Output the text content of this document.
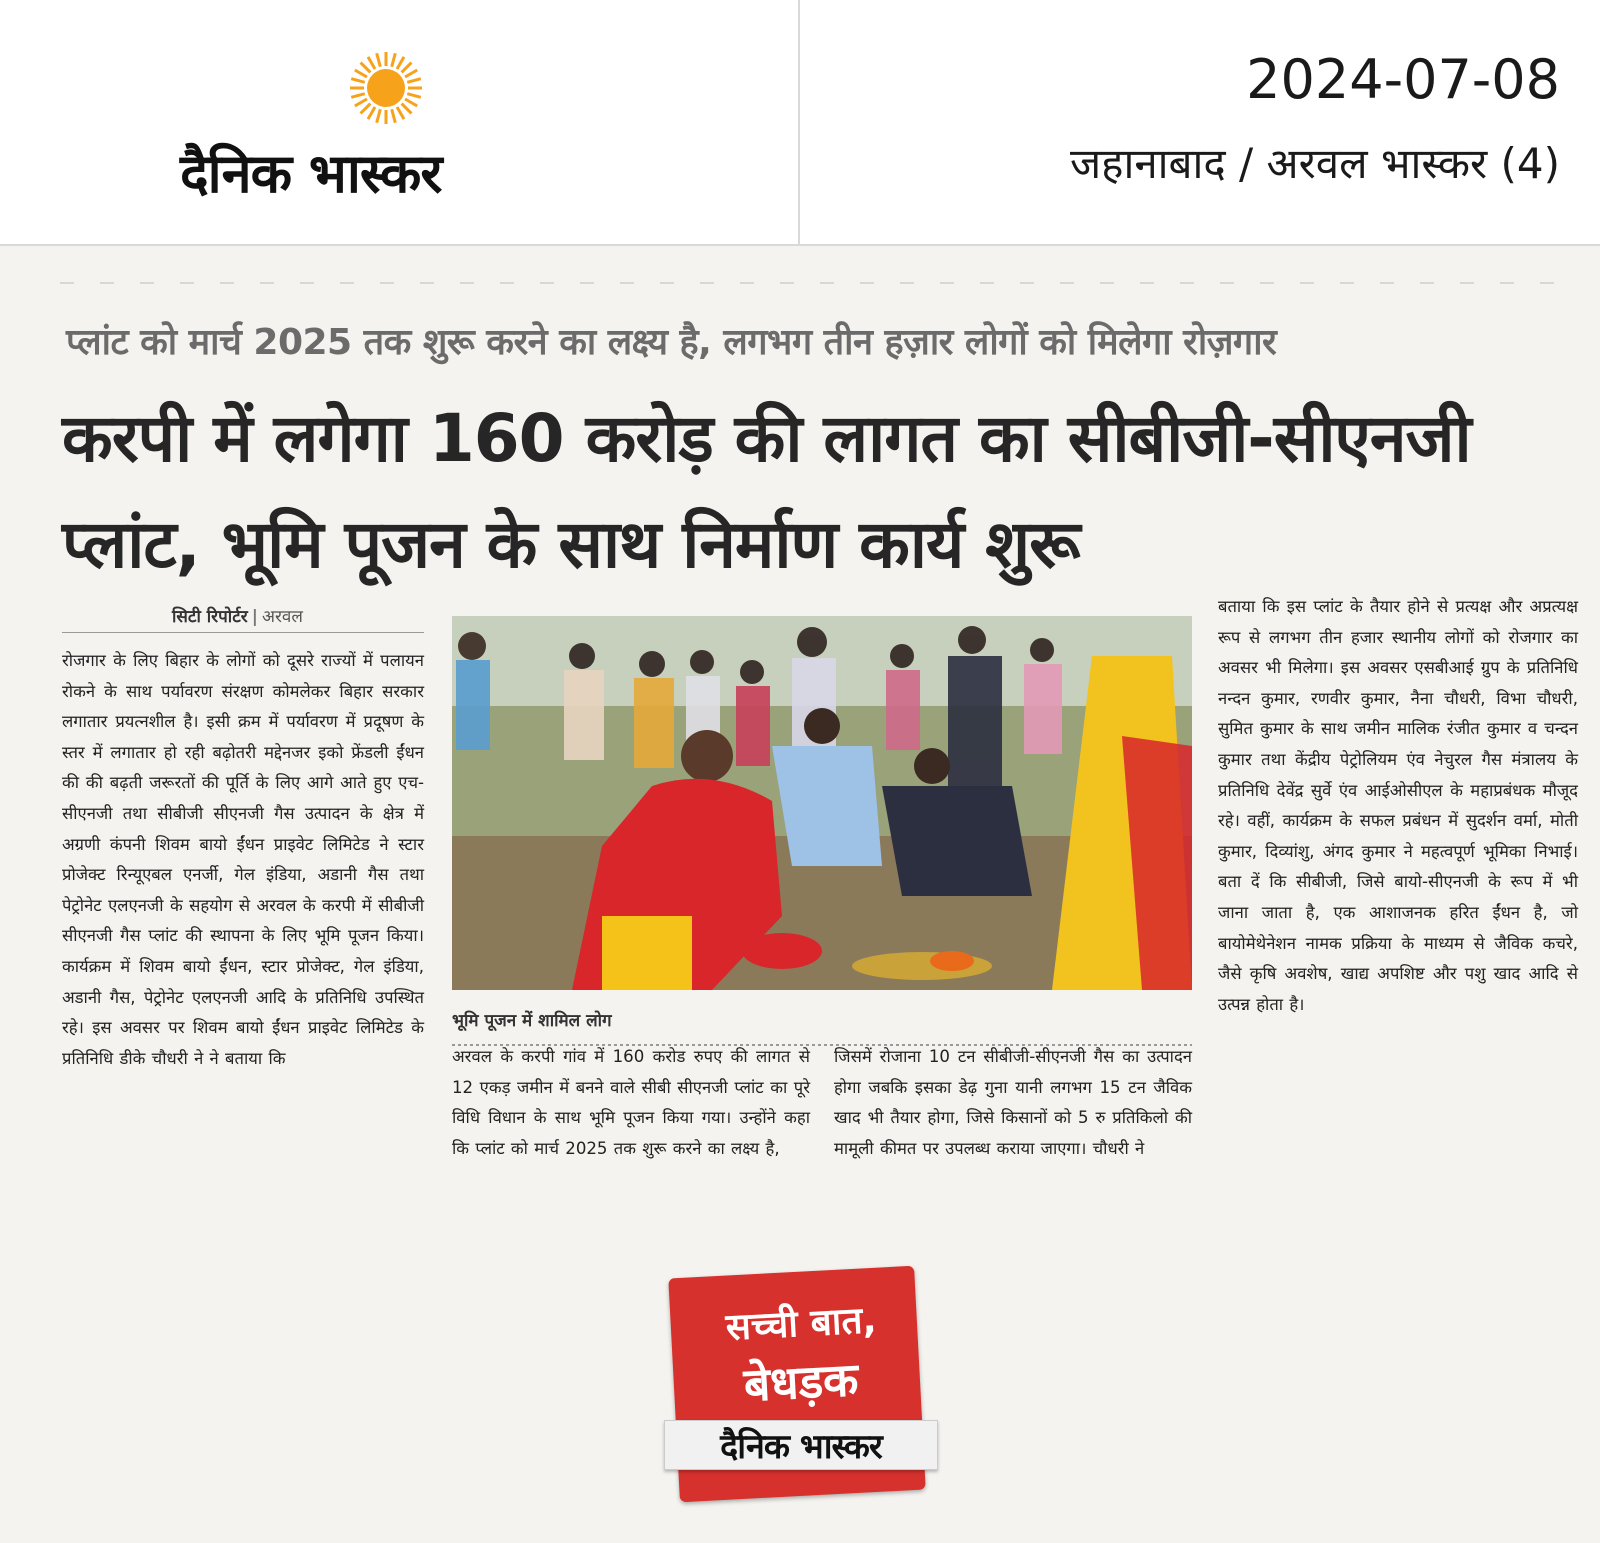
दैनिक भास्कर
2024-07-08
जहानाबाद / अरवल भास्कर (4)
प्लांट को मार्च 2025 तक शुरू करने का लक्ष्य है, लगभग तीन हज़ार लोगों को मिलेगा रोज़गार
करपी में लगेगा 160 करोड़ की लागत का सीबीजी-सीएनजी प्लांट, भूमि पूजन के साथ निर्माण कार्य शुरू
सिटी रिपोर्टर | अरवल
रोजगार के लिए बिहार के लोगों को दूसरे राज्यों में पलायन रोकने के साथ पर्यावरण संरक्षण कोमलेकर बिहार सरकार लगातार प्रयत्नशील है। इसी क्रम में पर्यावरण में प्रदूषण के स्तर में लगातार हो रही बढ़ोतरी मद्देनजर इको फ्रेंडली ईंधन की की बढ़ती जरूरतों की पूर्ति के लिए आगे आते हुए एच-सीएनजी तथा सीबीजी सीएनजी गैस उत्पादन के क्षेत्र में अग्रणी कंपनी शिवम बायो ईंधन प्राइवेट लिमिटेड ने स्टार प्रोजेक्ट रिन्यूएबल एनर्जी, गेल इंडिया, अडानी गैस तथा पेट्रोनेट एलएनजी के सहयोग से अरवल के करपी में सीबीजी सीएनजी गैस प्लांट की स्थापना के लिए भूमि पूजन किया। कार्यक्रम में शिवम बायो ईंधन, स्टार प्रोजेक्ट, गेल इंडिया, अडानी गैस, पेट्रोनेट एलएनजी आदि के प्रतिनिधि उपस्थित रहे। इस अवसर पर शिवम बायो ईंधन प्राइवेट लिमिटेड के प्रतिनिधि डीके चौधरी ने ने बताया कि
भूमि पूजन में शामिल लोग
अरवल के करपी गांव में 160 करोड रुपए की लागत से 12 एकड़ जमीन में बनने वाले सीबी सीएनजी प्लांट का पूरे विधि विधान के साथ भूमि पूजन किया गया। उन्होंने कहा कि प्लांट को मार्च 2025 तक शुरू करने का लक्ष्य है,
जिसमें रोजाना 10 टन सीबीजी-सीएनजी गैस का उत्पादन होगा जबकि इसका डेढ़ गुना यानी लगभग 15 टन जैविक खाद भी तैयार होगा, जिसे किसानों को 5 रु प्रतिकिलो की मामूली कीमत पर उपलब्ध कराया जाएगा। चौधरी ने
बताया कि इस प्लांट के तैयार होने से प्रत्यक्ष और अप्रत्यक्ष रूप से लगभग तीन हजार स्थानीय लोगों को रोजगार का अवसर भी मिलेगा। इस अवसर एसबीआई ग्रुप के प्रतिनिधि नन्दन कुमार, रणवीर कुमार, नैना चौधरी, विभा चौधरी, सुमित कुमार के साथ जमीन मालिक रंजीत कुमार व चन्दन कुमार तथा केंद्रीय पेट्रोलियम एंव नेचुरल गैस मंत्रालय के प्रतिनिधि देवेंद्र सुर्वे एंव आईओसीएल के महाप्रबंधक मौजूद रहे। वहीं, कार्यक्रम के सफल प्रबंधन में सुदर्शन वर्मा, मोती कुमार, दिव्यांशु, अंगद कुमार ने महत्वपूर्ण भूमिका निभाई। बता दें कि सीबीजी, जिसे बायो-सीएनजी के रूप में भी जाना जाता है, एक आशाजनक हरित ईंधन है, जो बायोमेथेनेशन नामक प्रक्रिया के माध्यम से जैविक कचरे, जैसे कृषि अवशेष, खाद्य अपशिष्ट और पशु खाद आदि से उत्पन्न होता है।
सच्ची बात,
बेधड़क
दैनिक भास्कर
